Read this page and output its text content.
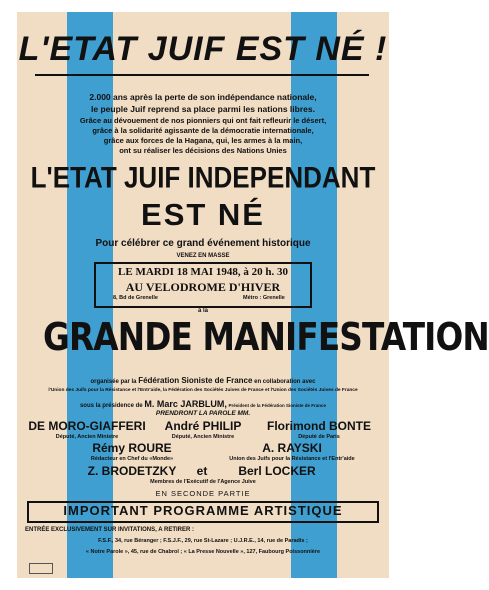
L'ETAT JUIF EST NÉ !
2.000 ans après la perte de son indépendance nationale,
le peuple Juif reprend sa place parmi les nations libres.
Grâce au dévouement de nos pionniers qui ont fait refleurir le désert,
grâce à la solidarité agissante de la démocratie internationale,
grâce aux forces de la Hagana, qui, les armes à la main,
ont su réaliser les décisions des Nations Unies
L'ETAT JUIF INDEPENDANT
EST NÉ
Pour célébrer ce grand événement historique
VENEZ EN MASSE
LE MARDI 18 MAI 1948, à 20 h. 30
AU VELODROME D'HIVER
8, Bd de Grenelle	Métro : Grenelle
à la
GRANDE MANIFESTATION
organisée par la Fédération Sioniste de France en collaboration avec
l'Union des Juifs pour la Résistance et l'Entr'aide, la Fédération des Sociétés Juives de France et l'Union des Sociétés Juives de France
sous la présidence de M. Marc JARBLUM, Président de la Fédération Sioniste de France
PRENDRONT LA PAROLE MM.
DE MORO-GIAFFERI
Député, Ancien Ministre
André PHILIP
Député, Ancien Ministre
Florimond BONTE
Député de Paris
Rémy ROURE
Rédacteur en Chef du «Monde»
A. RAYSKI
Union des Juifs pour la Résistance et l'Entr'aide
Z. BRODETZKY	et	Berl LOCKER
Membres de l'Exécutif de l'Agence Juive
EN SECONDE PARTIE
IMPORTANT PROGRAMME ARTISTIQUE
ENTRÉE EXCLUSIVEMENT SUR INVITATIONS, A RETIRER :
F.S.F., 34, rue Béranger ; F.S.J.F., 29, rue St-Lazare ; U.J.R.E., 14, rue de Paradis ;
« Notre Parole », 45, rue de Chabrol ; « La Presse Nouvelle », 127, Faubourg Poissonnière
